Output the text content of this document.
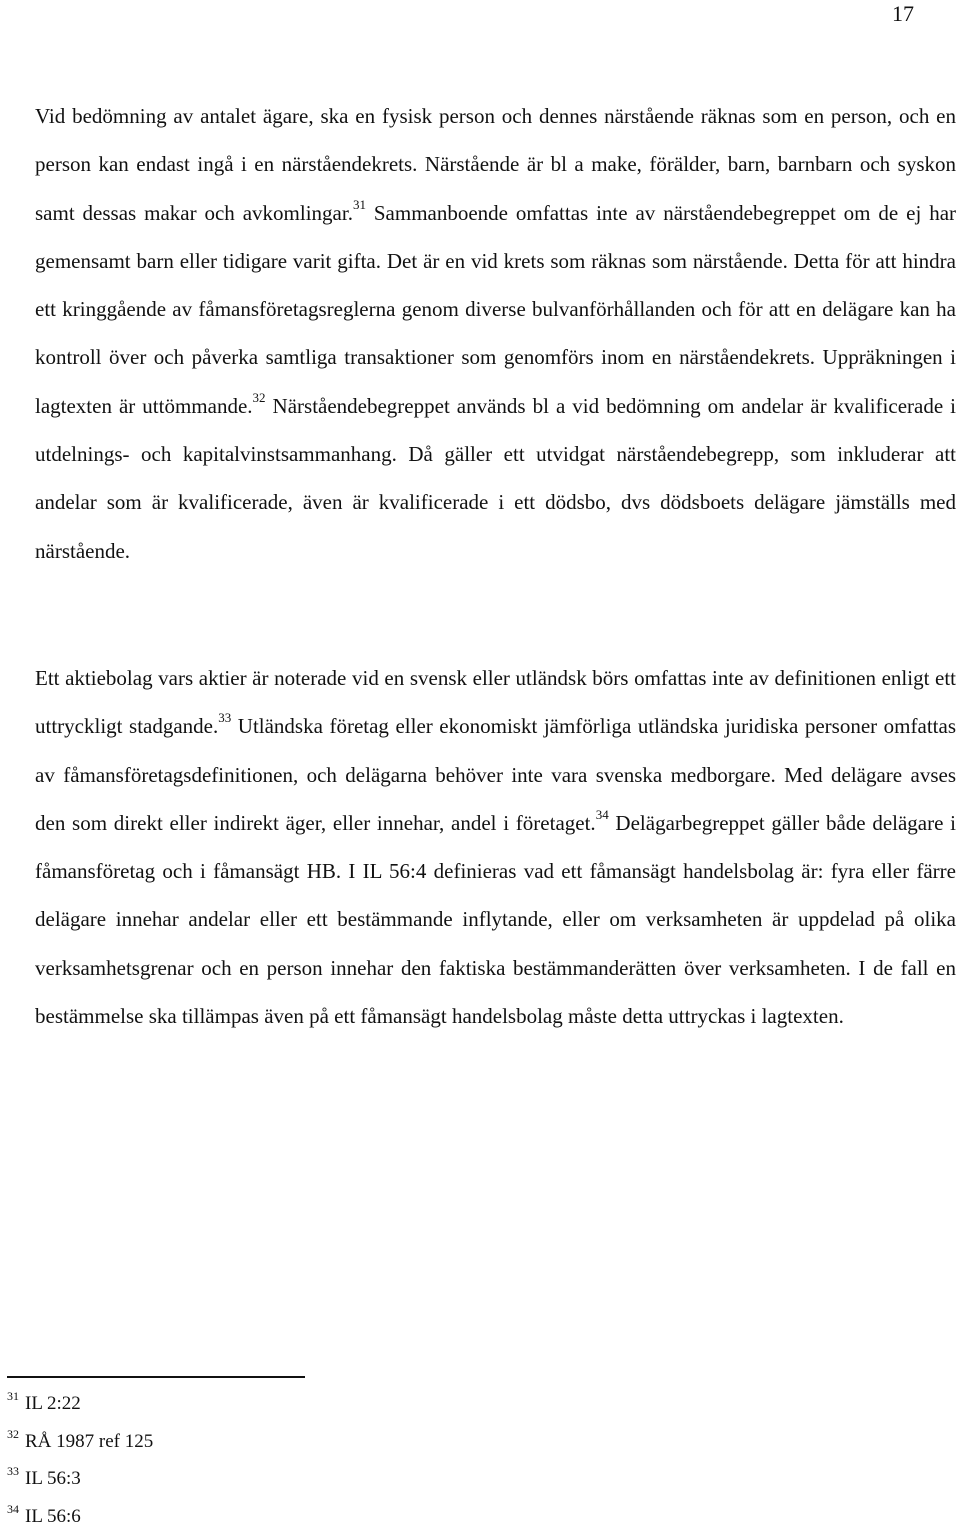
17

Vid bedömning av antalet ägare, ska en fysisk person och dennes närstående räknas som en person, och en person kan endast ingå i en närståendekrets. Närstående är bl a make, förälder, barn, barnbarn och syskon samt dessas makar och avkomlingar.$^{31}$ Sammanboende omfattas inte av närståendebegreppet om de ej har gemensamt barn eller tidigare varit gifta. Det är en vid krets som räknas som närstående. Detta för att hindra ett kringgående av fåmansföretagsreglerna genom diverse bulvanförhållanden och för att en delägare kan ha kontroll över och påverka samtliga transaktioner som genomförs inom en närståendekrets. Uppräkningen i lagtexten är uttömmande.$^{32}$ Närståendebegreppet används bl a vid bedömning om andelar är kvalificerade i utdelnings- och kapitalvinstsammanhang. Då gäller ett utvidgat närståendebegrepp, som inkluderar att andelar som är kvalificerade, även är kvalificerade i ett dödsbo, dvs dödsboets delägare jämställs med närstående.

Ett aktiebolag vars aktier är noterade vid en svensk eller utländsk börs omfattas inte av definitionen enligt ett uttryckligt stadgande.$^{33}$ Utländska företag eller ekonomiskt jämförliga utländska juridiska personer omfattas av fåmansföretagsdefinitionen, och delägarna behöver inte vara svenska medborgare. Med delägare avses den som direkt eller indirekt äger, eller innehar, andel i företaget.$^{34}$ Delägarbegreppet gäller både delägare i fåmansföretag och i fåmansägt HB. I IL 56:4 definieras vad ett fåmansägt handelsbolag är: fyra eller färre delägare innehar andelar eller ett bestämmande inflytande, eller om verksamheten är uppdelad på olika verksamhetsgrenar och en person innehar den faktiska bestämmanderätten över verksamheten. I de fall en bestämmelse ska tillämpas även på ett fåmansägt handelsbolag måste detta uttryckas i lagtexten.

$^{31}$ IL 2:22
$^{32}$ RÅ 1987 ref 125
$^{33}$ IL 56:3
$^{34}$ IL 56:6
